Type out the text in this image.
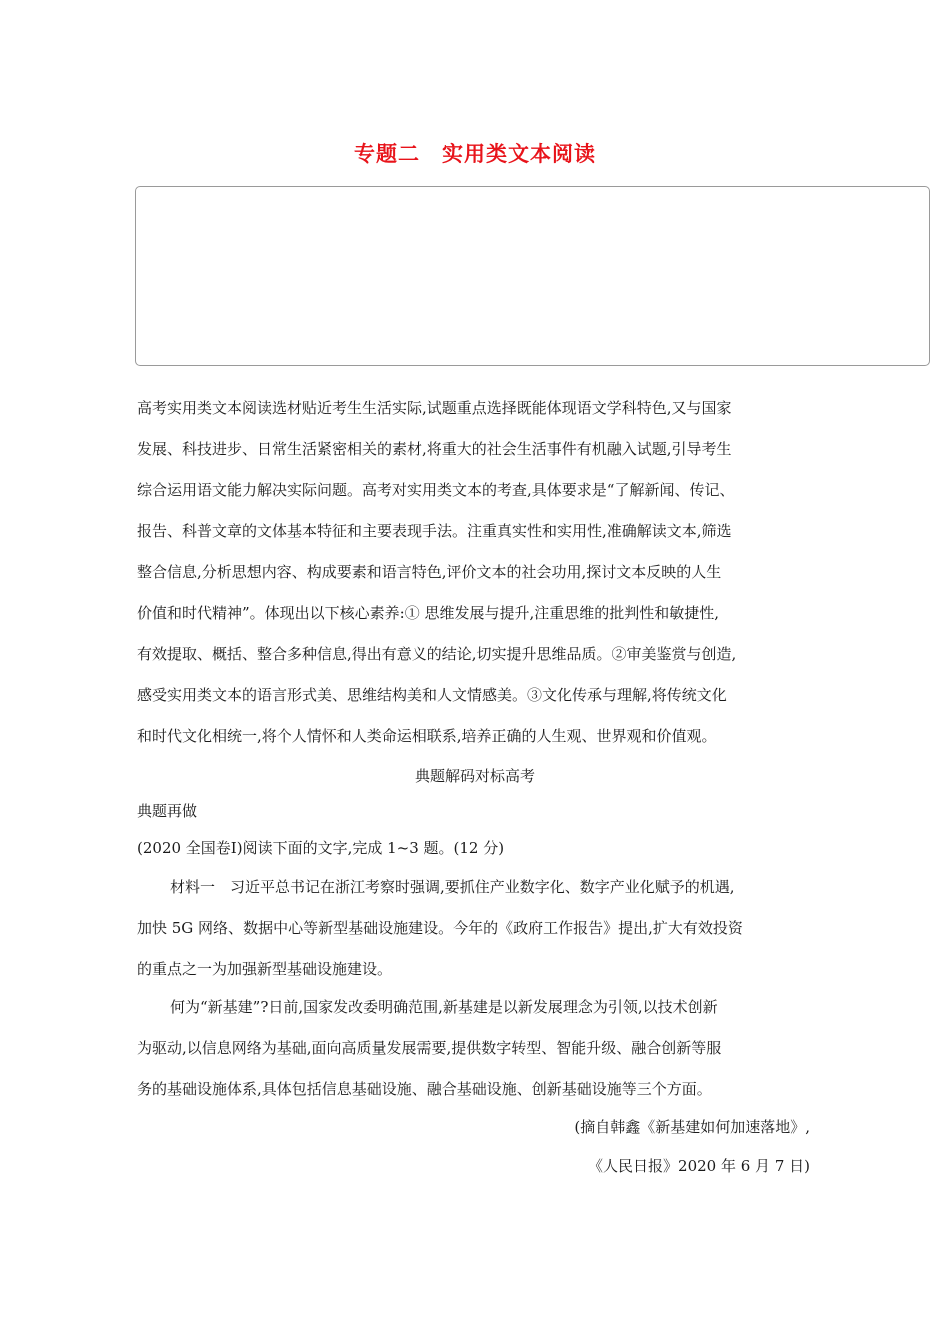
专题二　实用类文本阅读
高考实用类文本阅读选材贴近考生生活实际,试题重点选择既能体现语文学科特色,又与国家
发展、科技进步、日常生活紧密相关的素材,将重大的社会生活事件有机融入试题,引导考生
综合运用语文能力解决实际问题。高考对实用类文本的考查,具体要求是“了解新闻、传记、
报告、科普文章的文体基本特征和主要表现手法。注重真实性和实用性,准确解读文本,筛选
整合信息,分析思想内容、构成要素和语言特色,评价文本的社会功用,探讨文本反映的人生
价值和时代精神”。体现出以下核心素养:① 思维发展与提升,注重思维的批判性和敏捷性,
有效提取、概括、整合多种信息,得出有意义的结论,切实提升思维品质。②审美鉴赏与创造,
感受实用类文本的语言形式美、思维结构美和人文情感美。③文化传承与理解,将传统文化
和时代文化相统一,将个人情怀和人类命运相联系,培养正确的人生观、世界观和价值观。
典题解码对标高考
典题再做
(2020 全国卷Ⅰ)阅读下面的文字,完成 1~3 题。(12 分)
材料一　习近平总书记在浙江考察时强调,要抓住产业数字化、数字产业化赋予的机遇,
加快 5G 网络、数据中心等新型基础设施建设。今年的《政府工作报告》提出,扩大有效投资
的重点之一为加强新型基础设施建设。
何为“新基建”?日前,国家发改委明确范围,新基建是以新发展理念为引领,以技术创新
为驱动,以信息网络为基础,面向高质量发展需要,提供数字转型、智能升级、融合创新等服
务的基础设施体系,具体包括信息基础设施、融合基础设施、创新基础设施等三个方面。
(摘自韩鑫《新基建如何加速落地》,
《人民日报》2020 年 6 月 7 日)
